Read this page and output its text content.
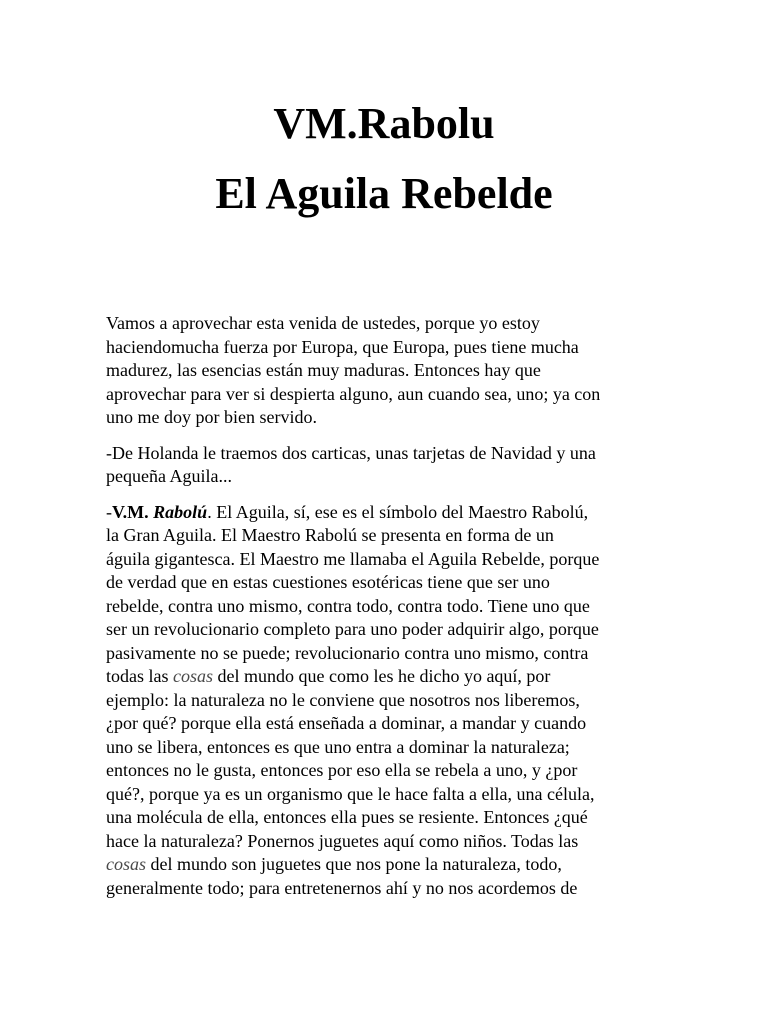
VM.Rabolu
El Aguila Rebelde

Vamos a aprovechar esta venida de ustedes, porque yo estoy
haciendomucha fuerza por Europa, que Europa, pues tiene mucha
madurez, las esencias están muy maduras. Entonces hay que
aprovechar para ver si despierta alguno, aun cuando sea, uno; ya con
uno me doy por bien servido.

-De Holanda le traemos dos carticas, unas tarjetas de Navidad y una
pequeña Aguila...

-V.M. Rabolú. El Aguila, sí, ese es el símbolo del Maestro Rabolú,
la Gran Aguila. El Maestro Rabolú se presenta en forma de un
águila gigantesca. El Maestro me llamaba el Aguila Rebelde, porque
de verdad que en estas cuestiones esotéricas tiene que ser uno
rebelde, contra uno mismo, contra todo, contra todo. Tiene uno que
ser un revolucionario completo para uno poder adquirir algo, porque
pasivamente no se puede; revolucionario contra uno mismo, contra
todas las cosas del mundo que como les he dicho yo aquí, por
ejemplo: la naturaleza no le conviene que nosotros nos liberemos,
¿por qué? porque ella está enseñada a dominar, a mandar y cuando
uno se libera, entonces es que uno entra a dominar la naturaleza;
entonces no le gusta, entonces por eso ella se rebela a uno, y ¿por
qué?, porque ya es un organismo que le hace falta a ella, una célula,
una molécula de ella, entonces ella pues se resiente. Entonces ¿qué
hace la naturaleza? Ponernos juguetes aquí como niños. Todas las
cosas del mundo son juguetes que nos pone la naturaleza, todo,
generalmente todo; para entretenernos ahí y no nos acordemos de
